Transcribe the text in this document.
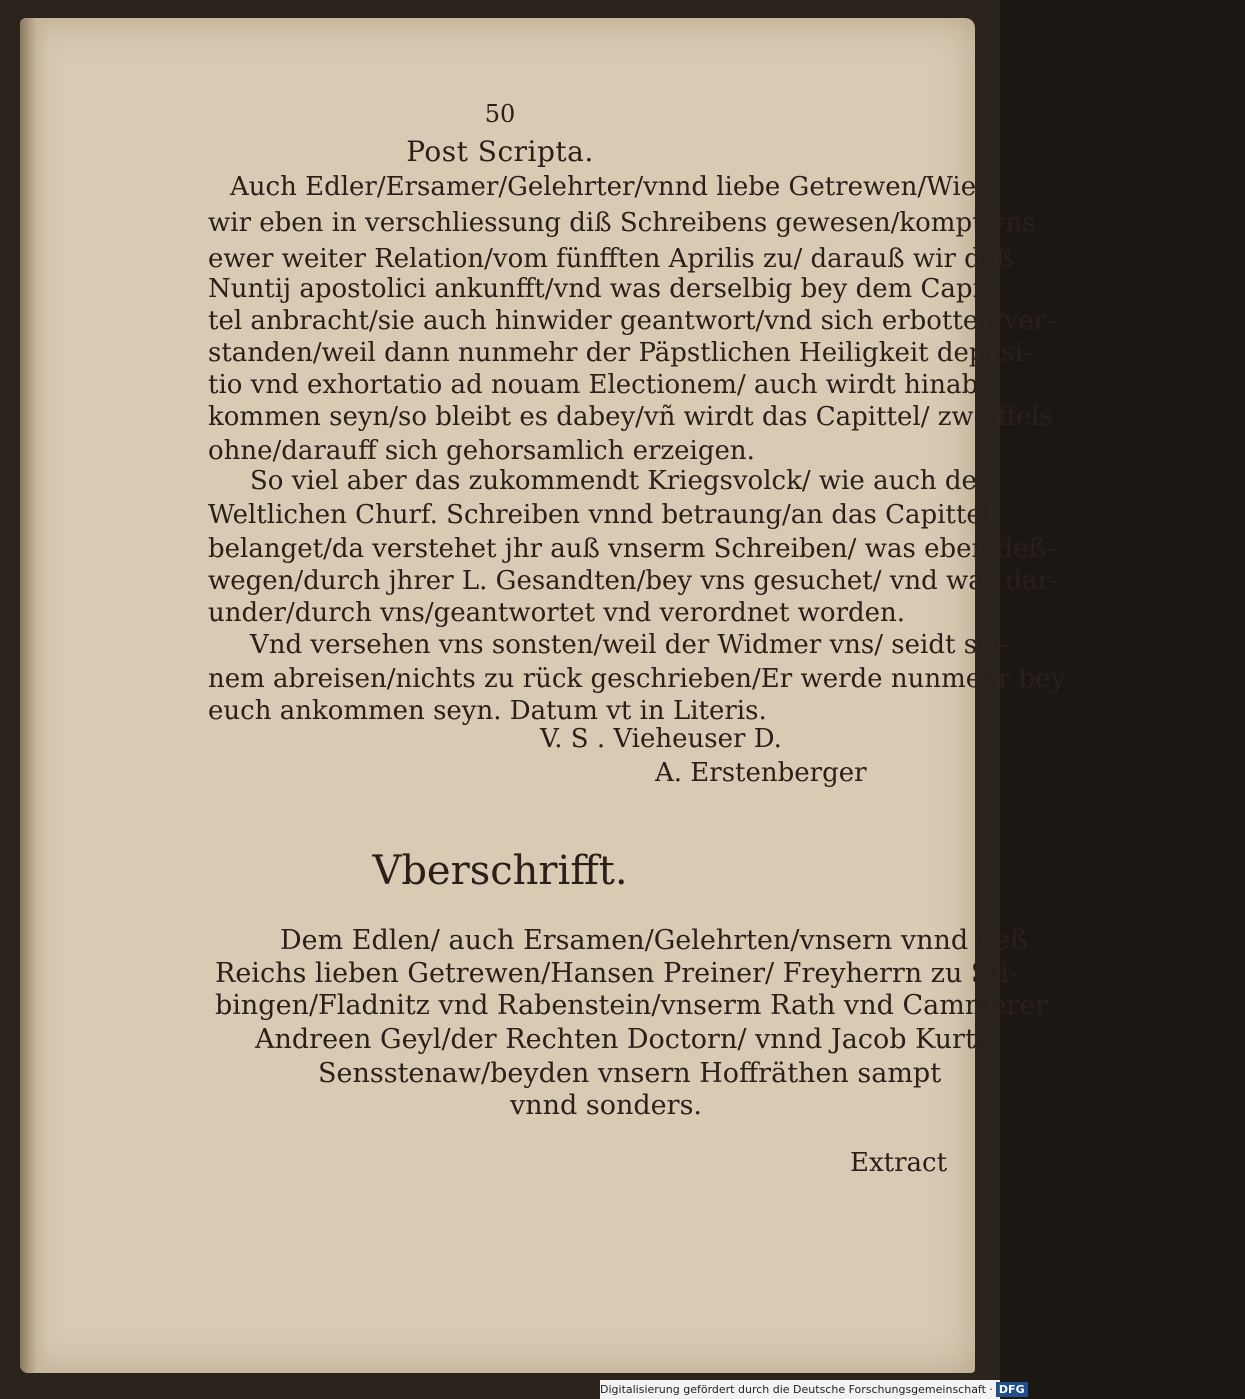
50
Post Scripta.
Auch Edler/Ersamer/Gelehrter/vnnd liebe Getrewen/Wie
wir eben in verschliessung diß Schreibens gewesen/kompt vns
ewer weiter Relation/vom fünfften Aprilis zu/ darauß wir deß
Nuntij apostolici ankunfft/vnd was derselbig bey dem Capit-
tel anbracht/sie auch hinwider geantwort/vnd sich erbotten/ver-
standen/weil dann nunmehr der Päpstlichen Heiligkeit deposi-
tio vnd exhortatio ad nouam Electionem/ auch wirdt hinab
kommen seyn/so bleibt es dabey/vñ wirdt das Capittel/ zweiffels
ohne/darauff sich gehorsamlich erzeigen.
So viel aber das zukommendt Kriegsvolck/ wie auch der
Weltlichen Churf. Schreiben vnnd betraung/an das Capittel
belanget/da verstehet jhr auß vnserm Schreiben/ was eben deß-
wegen/durch jhrer L. Gesandten/bey vns gesuchet/ vnd was dar-
under/durch vns/geantwortet vnd verordnet worden.
Vnd versehen vns sonsten/weil der Widmer vns/ seidt sei-
nem abreisen/nichts zu rück geschrieben/Er werde nunmehr bey
euch ankommen seyn. Datum vt in Literis.
V. S . Vieheuser D.
A. Erstenberger
Vberschrifft.
Dem Edlen/ auch Ersamen/Gelehrten/vnsern vnnd deß
Reichs lieben Getrewen/Hansen Preiner/ Freyherrn zu Sti-
bingen/Fladnitz vnd Rabenstein/vnserm Rath vnd Cammerer
Andreen Geyl/der Rechten Doctorn/ vnnd Jacob Kurtz
Sensstenaw/beyden vnsern Hoffräthen sampt
vnnd sonders.
Extract
Digitalisierung gefördert durch die Deutsche Forschungsgemeinschaft · DFG
